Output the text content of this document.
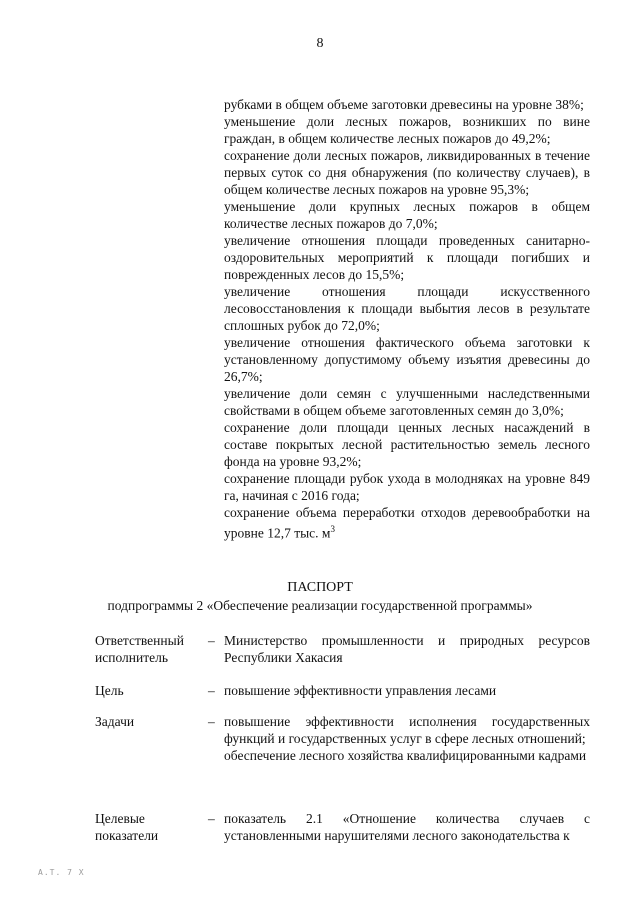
8

рубками в общем объеме заготовки древесины на уровне 38%;

уменьшение доли лесных пожаров, возникших по вине граждан, в общем количестве лесных пожаров до 49,2%;

сохранение доли лесных пожаров, ликвидированных в течение первых суток со дня обнаружения (по количеству случаев), в общем количестве лесных пожаров на уровне 95,3%;

уменьшение доли крупных лесных пожаров в общем количестве лесных пожаров до 7,0%;

увеличение отношения площади проведенных санитарно-оздоровительных мероприятий к площади погибших и поврежденных лесов до 15,5%;

увеличение отношения площади искусственного лесовосстановления к площади выбытия лесов в результате сплошных рубок до 72,0%;

увеличение отношения фактического объема заготовки к установленному допустимому объему изъятия древесины до 26,7%;

увеличение доли семян с улучшенными наследственными свойствами в общем объеме заготовленных семян до 3,0%;

сохранение доли площади ценных лесных насаждений в составе покрытых лесной растительностью земель лесного фонда на уровне 93,2%;

сохранение площади рубок ухода в молодняках на уровне 849 га, начиная с 2016 года;

сохранение объема переработки отходов деревообработки на уровне 12,7 тыс. $м^3$

ПАСПОРТ
подпрограммы 2 «Обеспечение реализации государственной программы»
Ответственный исполнитель
– Министерство промышленности и природных ресурсов Республики Хакасия

Цель	– повышение эффективности управления лесами

Задачи	– повышение эффективности исполнения государственных функций и государственных услуг в сфере лесных отношений;

обеспечение лесного хозяйства квалифицированными кадрами

Целевые показатели
– показатель 2.1 «Отношение количества случаев с установленными нарушителями лесного законодательства к

A.T. 7 X
